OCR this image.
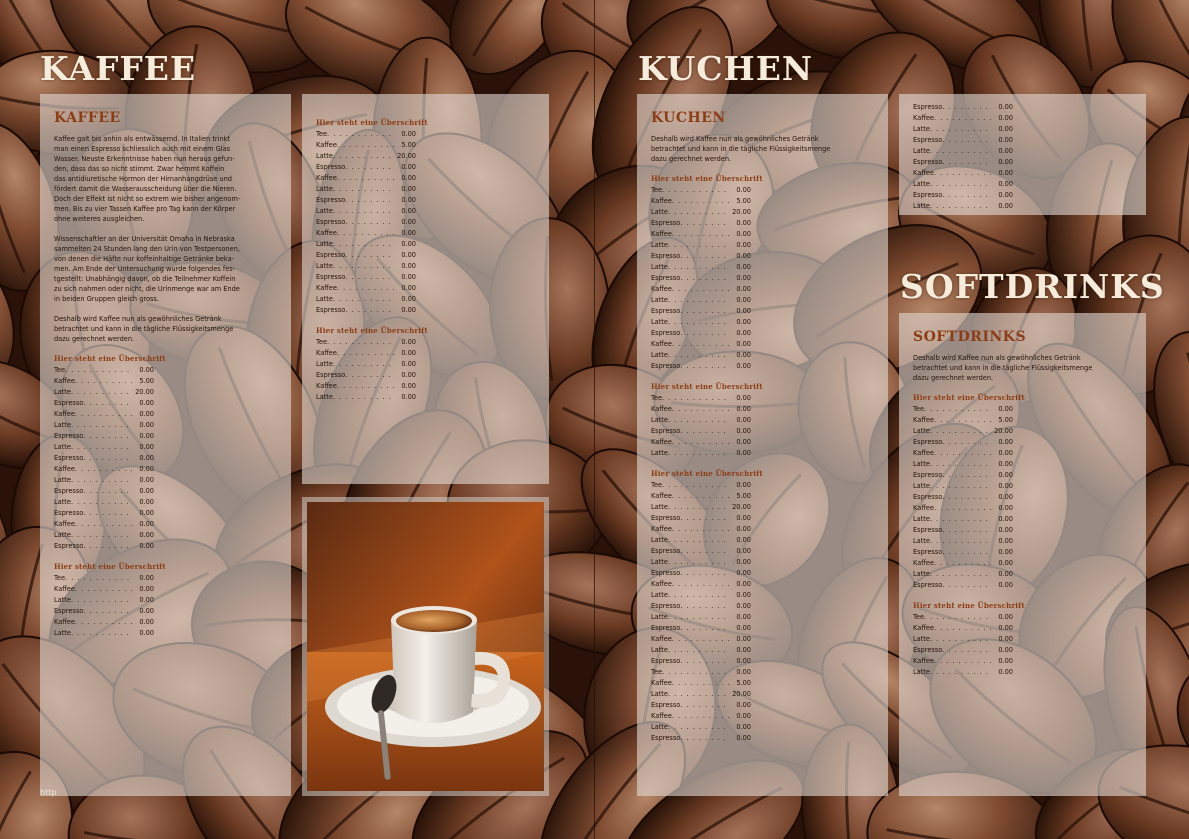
KAFFEE
KAFFEE

Kaffee galt bis anhin als entwässernd. In Italien trinkt
man einen Espresso schliesslich auch mit einem Glas
Wasser. Neuste Erkenntnisse haben nun heraus gefun-
den, dass das so nicht stimmt. Zwar hemmt Koffein
das antidiuretische Hormon der Hirnanhangdrüse und
fördert damit die Wasserausscheidung über die Nieren.
Doch der Effekt ist nicht so extrem wie bisher angenom-
men. Bis zu vier Tassen Kaffee pro Tag kann der Körper
ohne weiteres ausgleichen.

Wissenschaftler an der Universität Omaha in Nebraska
sammelten 24 Stunden lang den Urin von Testpersonen,
von denen die Häfte nur koffeinhaltige Getränke beka-
men. Am Ende der Untersuchung wurde folgendes fes-
tgestellt: Unabhängig davon, ob die Teilnehmer Koffein
zu sich nahmen oder nicht, die Urinmenge war am Ende
in beiden Gruppen gleich gross.

Deshalb wird Kaffee nun als gewöhnliches Getränk
betrachtet und kann in die tägliche Flüssigkeitsmenge
dazu gerechnet werden.

Hier steht eine Überschrift
Tee . . .	0.00
Kaffee . . .	5.00
Latte . . .	20.00
Espresso . . .	0.00
Kaffee . . .	0.00
Latte . . .	0.00
Espresso . . .	0.00
Latte . . .	0.00
Espresso . . .	0.00
Kaffee . . .	0.00
Latte . . .	0.00
Espresso . . .	0.00
Latte . . .	0.00
Espresso . . .	0.00
Kaffee . . .	0.00
Latte . . .	0.00
Espresso . . .	0.00
Hier steht eine Überschrift
Tee . . .	0.00
Kaffee . . .	0.00
Latte . . .	0.00
Espresso . . .	0.00
Kaffee . . .	0.00
Latte . . .	0.00
Hier steht eine Überschrift
Tee . . .	0.00
Kaffee . . .	5.00
Latte . . .	20.00
Espresso . . .	0.00
Kaffee . . .	0.00
Latte . . .	0.00
Espresso . . .	0.00
Latte . . .	0.00
Espresso . . .	0.00
Kaffee . . .	0.00
Latte . . .	0.00
Espresso . . .	0.00
Latte . . .	0.00
Espresso . . .	0.00
Kaffee . . .	0.00
Latte . . .	0.00
Espresso . . .	0.00
Hier steht eine Überschrift
Tee . . .	0.00
Kaffee . . .	0.00
Latte . . .	0.00
Espresso . . .	0.00
Kaffee . . .	0.00
Latte . . .	0.00
http
KUCHEN
KUCHEN

Deshalb wird Kaffee nun als gewöhnliches Getränk
betrachtet und kann in die tägliche Flüssigkeitsmenge
dazu gerechnet werden.

Hier steht eine Überschrift
Tee . . .	0.00
Kaffee . . .	5.00
Latte . . .	20.00
Espresso . . .	0.00
Kaffee . . .	0.00
Latte . . .	0.00
Espresso . . .	0.00
Latte . . .	0.00
Espresso . . .	0.00
Kaffee . . .	0.00
Latte . . .	0.00
Espresso . . .	0.00
Latte . . .	0.00
Espresso . . .	0.00
Kaffee . . .	0.00
Latte . . .	0.00
Espresso . . .	0.00
Hier steht eine Überschrift
Tee . . .	0.00
Kaffee . . .	0.00
Latte . . .	0.00
Espresso . . .	0.00
Kaffee . . .	0.00
Latte . . .	0.00
Hier steht eine Überschrift
Tee . . .	0.00
Kaffee . . .	5.00
Latte . . .	20.00
Espresso . . .	0.00
Kaffee . . .	0.00
Latte . . .	0.00
Espresso . . .	0.00
Latte . . .	0.00
Espresso . . .	0.00
Kaffee . . .	0.00
Latte . . .	0.00
Espresso . . .	0.00
Latte . . .	0.00
Espresso . . .	0.00
Kaffee . . .	0.00
Latte . . .	0.00
Espresso . . .	0.00
Tee . . .	0.00
Kaffee . . .	5.00
Latte . . .	20.00
Espresso . . .	0.00
Kaffee . . .	0.00
Latte . . .	0.00
Espresso . . .	0.00
Espresso . . .	0.00
Kaffee . . .	0.00
Latte . . .	0.00
Espresso . . .	0.00
Latte . . .	0.00
Espresso . . .	0.00
Kaffee . . .	0.00
Latte . . .	0.00
Espresso . . .	0.00
Latte . . .	0.00
SOFTDRINKS
SOFTDRINKS

Deshalb wird Kaffee nun als gewöhnliches Getränk
betrachtet und kann in die tägliche Flüssigkeitsmenge
dazu gerechnet werden.

Hier steht eine Überschrift
Tee . . .	0.00
Kaffee . . .	5.00
Latte . . .	20.00
Espresso . . .	0.00
Kaffee . . .	0.00
Latte . . .	0.00
Espresso . . .	0.00
Latte . . .	0.00
Espresso . . .	0.00
Kaffee . . .	0.00
Latte . . .	0.00
Espresso . . .	0.00
Latte . . .	0.00
Espresso . . .	0.00
Kaffee . . .	0.00
Latte . . .	0.00
Espresso . . .	0.00
Hier steht eine Überschrift
Tee . . .	0.00
Kaffee . . .	0.00
Latte . . .	0.00
Espresso . . .	0.00
Kaffee . . .	0.00
Latte . . .	0.00
